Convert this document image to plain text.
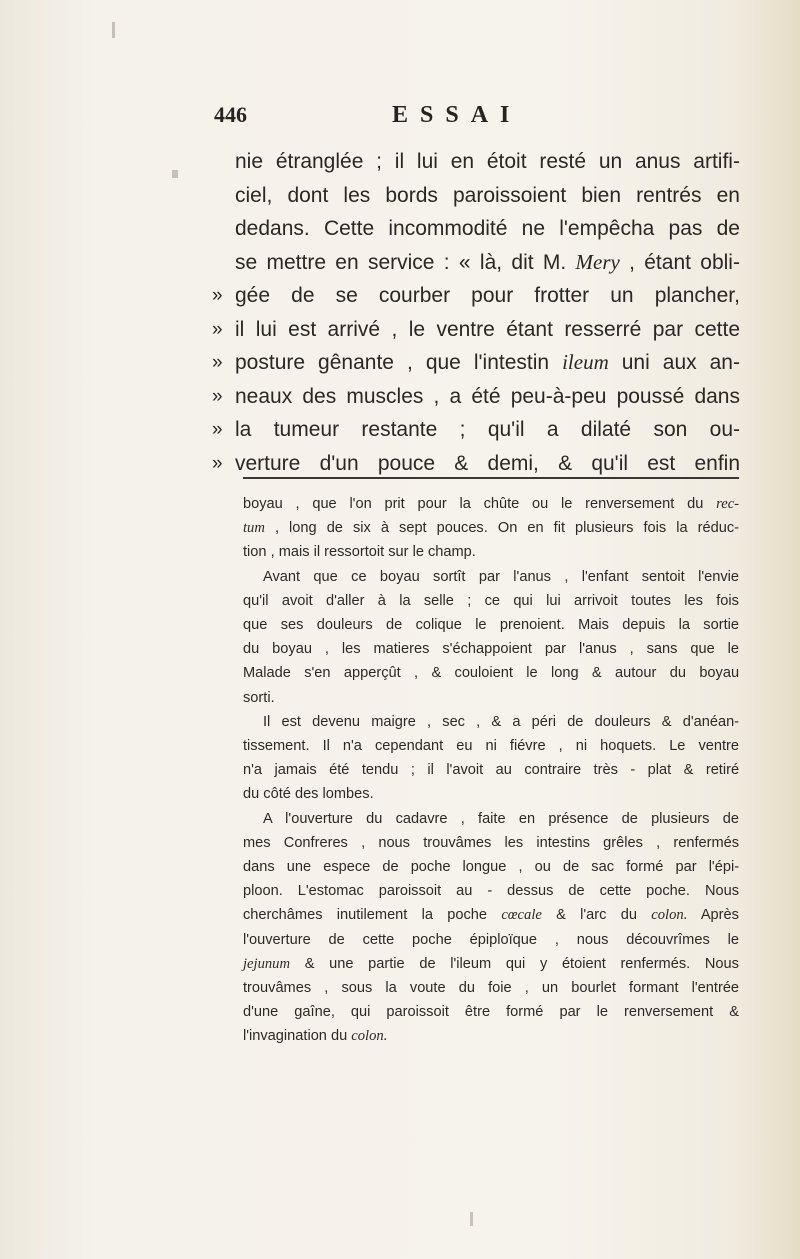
446	ESSAI
nie étranglée ; il lui en étoit resté un anus artifi-
ciel, dont les bords paroissoient bien rentrés en
dedans. Cette incommodité ne l'empêcha pas de
se mettre en service : « là, dit M. Mery , étant obli-
» gée de se courber pour frotter un plancher,
» il lui est arrivé , le ventre étant resserré par cette
» posture gênante , que l'intestin ileum uni aux an-
» neaux des muscles , a été peu-à-peu poussé dans
» la tumeur restante ; qu'il a dilaté son ou-
» verture d'un pouce & demi, & qu'il est enfin

boyau , que l'on prit pour la chûte ou le renversement du rec-
tum , long de six à sept pouces. On en fit plusieurs fois la réduc-
tion , mais il ressortoit sur le champ.

Avant que ce boyau sortît par l'anus , l'enfant sentoit l'envie
qu'il avoit d'aller à la selle ; ce qui lui arrivoit toutes les fois
que ses douleurs de colique le prenoient. Mais depuis la sortie
du boyau , les matieres s'échappoient par l'anus , sans que le
Malade s'en apperçût , & couloient le long & autour du boyau
sorti.

Il est devenu maigre , sec , & a péri de douleurs & d'anéan-
tissement. Il n'a cependant eu ni fiévre , ni hoquets. Le ventre
n'a jamais été tendu ; il l'avoit au contraire très - plat & retiré
du côté des lombes.

A l'ouverture du cadavre , faite en présence de plusieurs de
mes Confreres , nous trouvâmes les intestins grêles , renfermés
dans une espece de poche longue , ou de sac formé par l'épi-
ploon. L'estomac paroissoit au - dessus de cette poche. Nous
cherchâmes inutilement la poche cœcale & l'arc du colon. Après
l'ouverture de cette poche épiploïque , nous découvrîmes le
jejunum & une partie de l'ileum qui y étoient renfermés. Nous
trouvâmes , sous la voute du foie , un bourlet formant l'entrée
d'une gaîne, qui paroissoit être formé par le renversement &
l'invagination du colon.
